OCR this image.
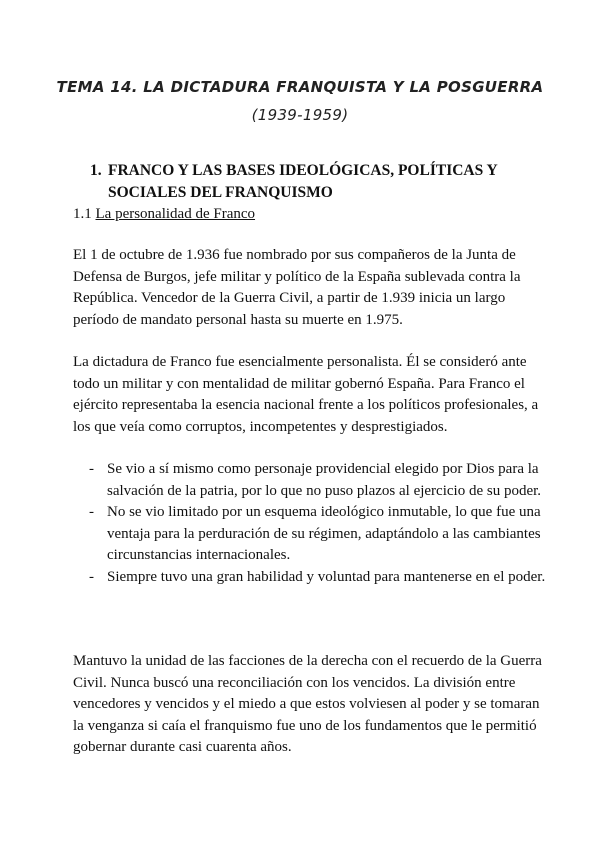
TEMA 14. LA DICTADURA FRANQUISTA Y LA POSGUERRA
(1939-1959)
1. FRANCO Y LAS BASES IDEOLÓGICAS, POLÍTICAS Y SOCIALES DEL FRANQUISMO
1.1 La personalidad de Franco

El 1 de octubre de 1.936 fue nombrado por sus compañeros de la Junta de Defensa de Burgos, jefe militar y político de la España sublevada contra la República. Vencedor de la Guerra Civil, a partir de 1.939 inicia un largo período de mandato personal hasta su muerte en 1.975.

La dictadura de Franco fue esencialmente personalista. Él se consideró ante todo un militar y con mentalidad de militar gobernó España. Para Franco el ejército representaba la esencia nacional frente a los políticos profesionales, a los que veía como corruptos, incompetentes y desprestigiados.

- Se vio a sí mismo como personaje providencial elegido por Dios para la salvación de la patria, por lo que no puso plazos al ejercicio de su poder.
- No se vio limitado por un esquema ideológico inmutable, lo que fue una ventaja para la perduración de su régimen, adaptándolo a las cambiantes circunstancias internacionales.
- Siempre tuvo una gran habilidad y voluntad para mantenerse en el poder.

Mantuvo la unidad de las facciones de la derecha con el recuerdo de la Guerra Civil. Nunca buscó una reconciliación con los vencidos. La división entre vencedores y vencidos y el miedo a que estos volviesen al poder y se tomaran la venganza si caía el franquismo fue uno de los fundamentos que le permitió gobernar durante casi cuarenta años.
